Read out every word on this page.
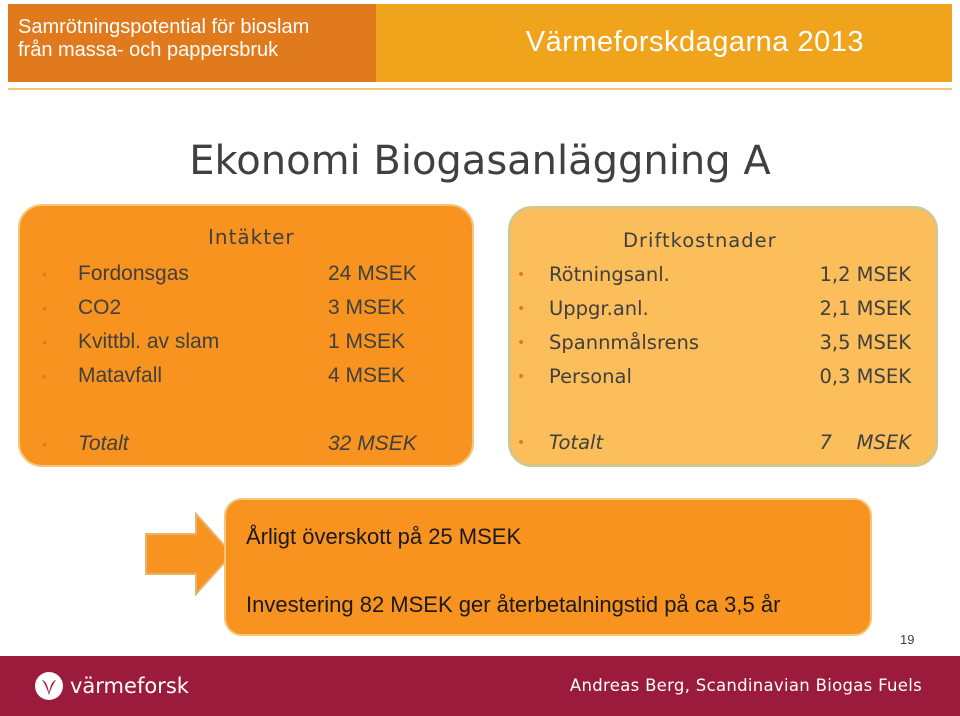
Samrötningspotential för bioslam
från massa- och pappersbruk	Värmeforskdagarna 2013
Ekonomi Biogasanläggning A
Intäkter
• Fordonsgas	24 MSEK
• CO2	3 MSEK
• Kvittbl. av slam	1 MSEK
• Matavfall	4 MSEK
• Totalt	32 MSEK
Driftkostnader
• Rötningsanl.	1,2 MSEK
• Uppgr.anl.	2,1 MSEK
• Spannmålsrens	3,5 MSEK
• Personal	0,3 MSEK
• Totalt	7    MSEK
Årligt överskott på 25 MSEK
Investering 82 MSEK ger återbetalningstid på ca 3,5 år
19
värmeforsk	Andreas Berg, Scandinavian Biogas Fuels
